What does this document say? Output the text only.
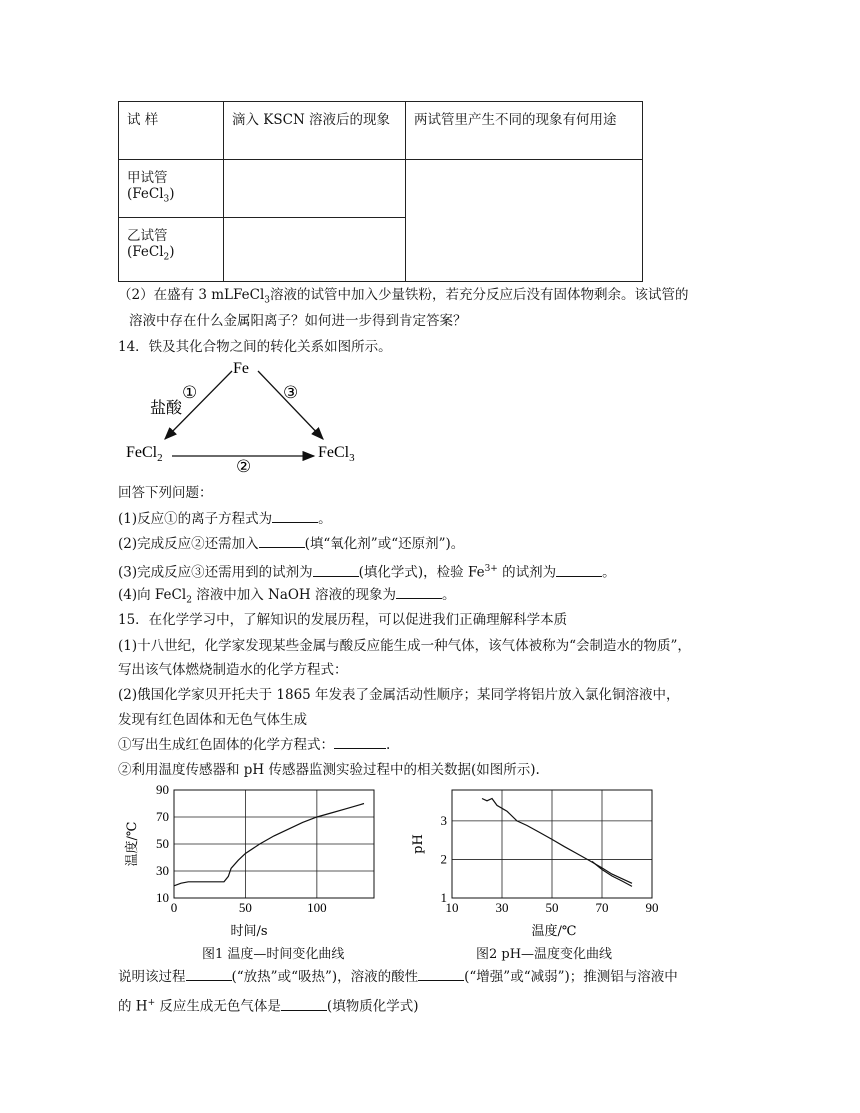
试 样	滴入 KSCN 溶液后的现象	两试管里产生不同的现象有何用途
甲试管(FeCl$_3$)		
乙试管(FeCl$_2$)		
（2）在盛有 3 mLFeCl$_3$溶液的试管中加入少量铁粉，若充分反应后没有固体物剩余。该试管的
溶液中存在什么金属阳离子？如何进一步得到肯定答案？
14．铁及其化合物之间的转化关系如图所示。
Fe
①	③
②
盐酸
FeCl$_2$	FeCl$_3$
回答下列问题：
(1)反应①的离子方程式为	。
(2)完成反应②还需加入	(填“氧化剂”或“还原剂”)。
(3)完成反应③还需用到的试剂为	(填化学式)，检验 $Fe^{3+}$ 的试剂为	。
(4)向 FeCl$_2$ 溶液中加入 NaOH 溶液的现象为	。
15．在化学学习中，了解知识的发展历程，可以促进我们正确理解科学本质
(1)十八世纪，化学家发现某些金属与酸反应能生成一种气体，该气体被称为“会制造水的物质”，
写出该气体燃烧制造水的化学方程式：
(2)俄国化学家贝开托夫于 1865 年发表了金属活动性顺序；某同学将铝片放入氯化铜溶液中，
发现有红色固体和无色气体生成
①写出生成红色固体的化学方程式：	.
②利用温度传感器和 pH 传感器监测实验过程中的相关数据(如图所示).
0	50	100
10
30
50
70
90
时间/s
温度/℃
10	30	50	70	90
1
2
3
温度/℃
pH
图1 温度—时间变化曲线	图2 pH—温度变化曲线
说明该过程	(“放热”或“吸热”)，溶液的酸性	(“增强”或“减弱”)；推测铝与溶液中
的 H+ 反应生成无色气体是	(填物质化学式)
